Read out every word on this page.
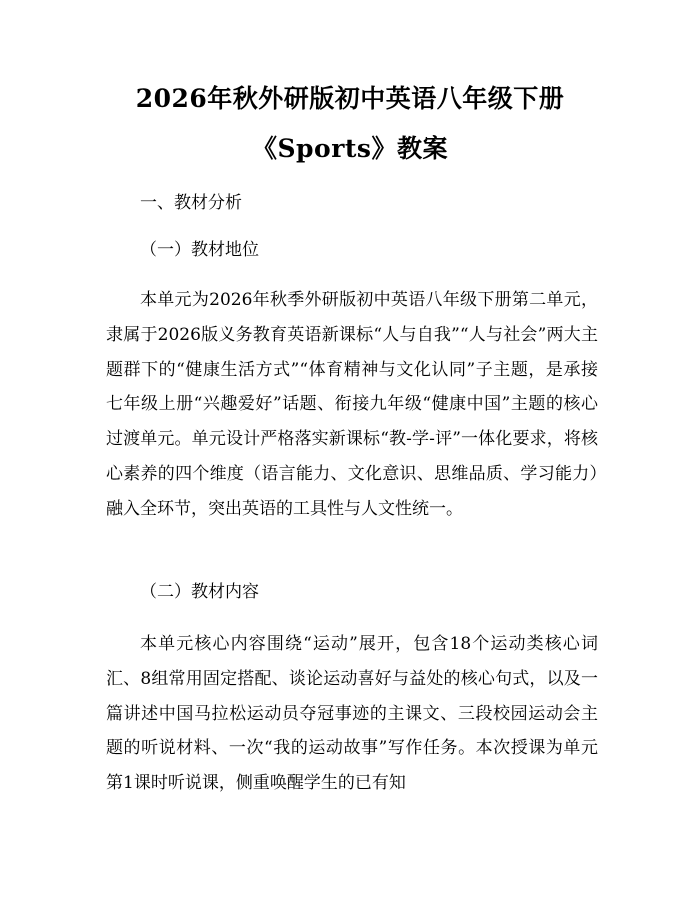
2026年秋外研版初中英语八年级下册
《Sports》教案
一、教材分析
（一）教材地位

本单元为2026年秋季外研版初中英语八年级下册第二单元，隶属于2026版义务教育英语新课标“人与自我”“人与社会”两大主题群下的“健康生活方式”“体育精神与文化认同”子主题，是承接七年级上册“兴趣爱好”话题、衔接九年级“健康中国”主题的核心过渡单元。单元设计严格落实新课标“教-学-评”一体化要求，将核心素养的四个维度（语言能力、文化意识、思维品质、学习能力）融入全环节，突出英语的工具性与人文性统一。

（二）教材内容

本单元核心内容围绕“运动”展开，包含18个运动类核心词汇、8组常用固定搭配、谈论运动喜好与益处的核心句式，以及一篇讲述中国马拉松运动员夺冠事迹的主课文、三段校园运动会主题的听说材料、一次“我的运动故事”写作任务。本次授课为单元第1课时听说课，侧重唤醒学生的已有知
